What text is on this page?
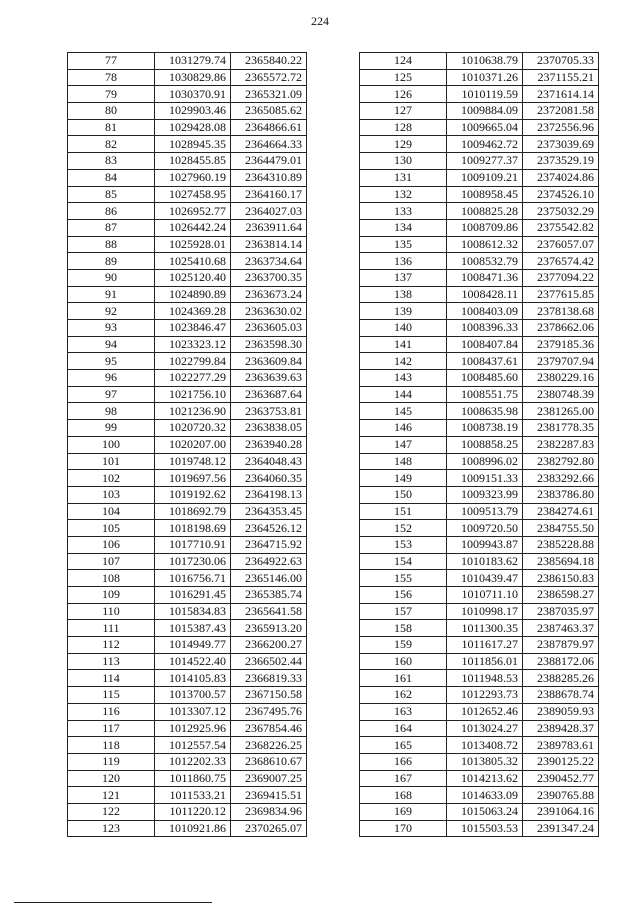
224
77	1031279.74	2365840.22
78	1030829.86	2365572.72
79	1030370.91	2365321.09
80	1029903.46	2365085.62
81	1029428.08	2364866.61
82	1028945.35	2364664.33
83	1028455.85	2364479.01
84	1027960.19	2364310.89
85	1027458.95	2364160.17
86	1026952.77	2364027.03
87	1026442.24	2363911.64
88	1025928.01	2363814.14
89	1025410.68	2363734.64
90	1025120.40	2363700.35
91	1024890.89	2363673.24
92	1024369.28	2363630.02
93	1023846.47	2363605.03
94	1023323.12	2363598.30
95	1022799.84	2363609.84
96	1022277.29	2363639.63
97	1021756.10	2363687.64
98	1021236.90	2363753.81
99	1020720.32	2363838.05
100	1020207.00	2363940.28
101	1019748.12	2364048.43
102	1019697.56	2364060.35
103	1019192.62	2364198.13
104	1018692.79	2364353.45
105	1018198.69	2364526.12
106	1017710.91	2364715.92
107	1017230.06	2364922.63
108	1016756.71	2365146.00
109	1016291.45	2365385.74
110	1015834.83	2365641.58
111	1015387.43	2365913.20
112	1014949.77	2366200.27
113	1014522.40	2366502.44
114	1014105.83	2366819.33
115	1013700.57	2367150.58
116	1013307.12	2367495.76
117	1012925.96	2367854.46
118	1012557.54	2368226.25
119	1012202.33	2368610.67
120	1011860.75	2369007.25
121	1011533.21	2369415.51
122	1011220.12	2369834.96
123	1010921.86	2370265.07
124	1010638.79	2370705.33
125	1010371.26	2371155.21
126	1010119.59	2371614.14
127	1009884.09	2372081.58
128	1009665.04	2372556.96
129	1009462.72	2373039.69
130	1009277.37	2373529.19
131	1009109.21	2374024.86
132	1008958.45	2374526.10
133	1008825.28	2375032.29
134	1008709.86	2375542.82
135	1008612.32	2376057.07
136	1008532.79	2376574.42
137	1008471.36	2377094.22
138	1008428.11	2377615.85
139	1008403.09	2378138.68
140	1008396.33	2378662.06
141	1008407.84	2379185.36
142	1008437.61	2379707.94
143	1008485.60	2380229.16
144	1008551.75	2380748.39
145	1008635.98	2381265.00
146	1008738.19	2381778.35
147	1008858.25	2382287.83
148	1008996.02	2382792.80
149	1009151.33	2383292.66
150	1009323.99	2383786.80
151	1009513.79	2384274.61
152	1009720.50	2384755.50
153	1009943.87	2385228.88
154	1010183.62	2385694.18
155	1010439.47	2386150.83
156	1010711.10	2386598.27
157	1010998.17	2387035.97
158	1011300.35	2387463.37
159	1011617.27	2387879.97
160	1011856.01	2388172.06
161	1011948.53	2388285.26
162	1012293.73	2388678.74
163	1012652.46	2389059.93
164	1013024.27	2389428.37
165	1013408.72	2389783.61
166	1013805.32	2390125.22
167	1014213.62	2390452.77
168	1014633.09	2390765.88
169	1015063.24	2391064.16
170	1015503.53	2391347.24
